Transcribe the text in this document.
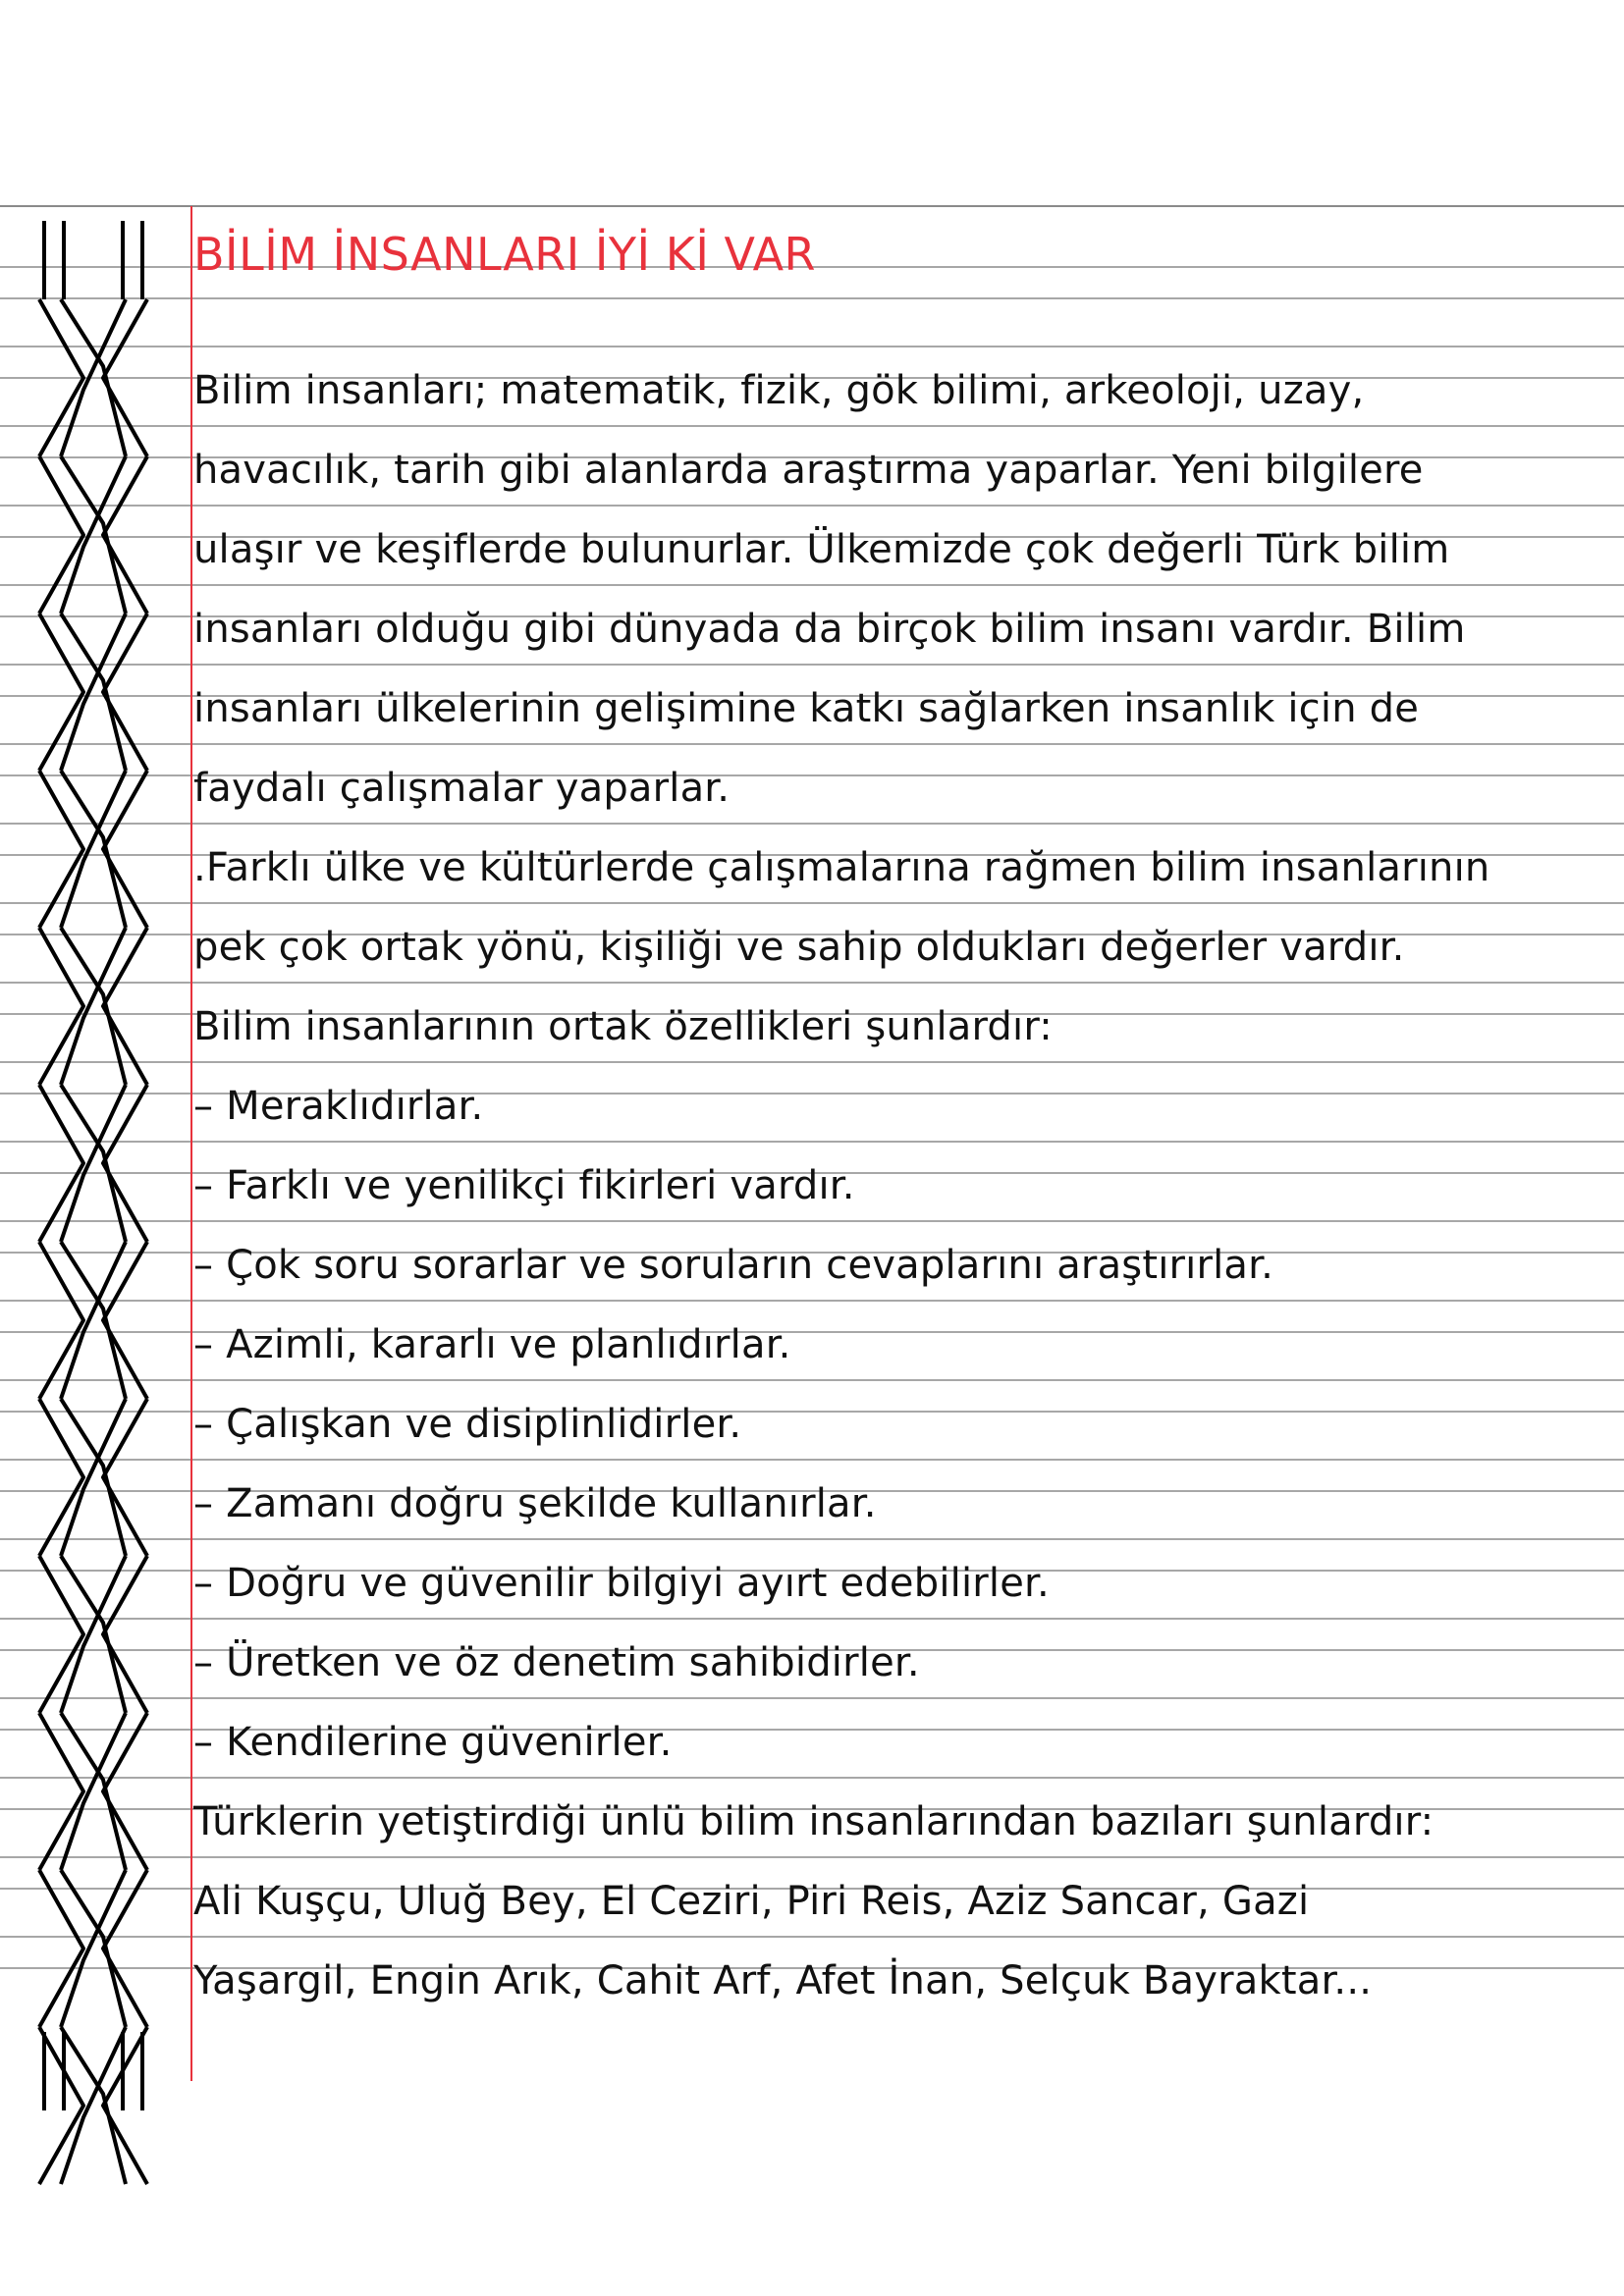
BİLİM İNSANLARI İYİ Kİ VAR
Bilim insanları; matematik, fizik, gök bilimi, arkeoloji, uzay,
havacılık, tarih gibi alanlarda araştırma yaparlar. Yeni bilgilere
ulaşır ve keşiflerde bulunurlar. Ülkemizde çok değerli Türk bilim
insanları olduğu gibi dünyada da birçok bilim insanı vardır. Bilim
insanları ülkelerinin gelişimine katkı sağlarken insanlık için de
faydalı çalışmalar yaparlar.
.Farklı ülke ve kültürlerde çalışmalarına rağmen bilim insanlarının
pek çok ortak yönü, kişiliği ve sahip oldukları değerler vardır.
Bilim insanlarının ortak özellikleri şunlardır:
– Meraklıdırlar.
– Farklı ve yenilikçi fikirleri vardır.
– Çok soru sorarlar ve soruların cevaplarını araştırırlar.
– Azimli, kararlı ve planlıdırlar.
– Çalışkan ve disiplinlidirler.
– Zamanı doğru şekilde kullanırlar.
– Doğru ve güvenilir bilgiyi ayırt edebilirler.
– Üretken ve öz denetim sahibidirler.
– Kendilerine güvenirler.
Türklerin yetiştirdiği ünlü bilim insanlarından bazıları şunlardır:
Ali Kuşçu, Uluğ Bey, El Ceziri, Piri Reis, Aziz Sancar, Gazi
Yaşargil, Engin Arık, Cahit Arf, Afet İnan, Selçuk Bayraktar...
